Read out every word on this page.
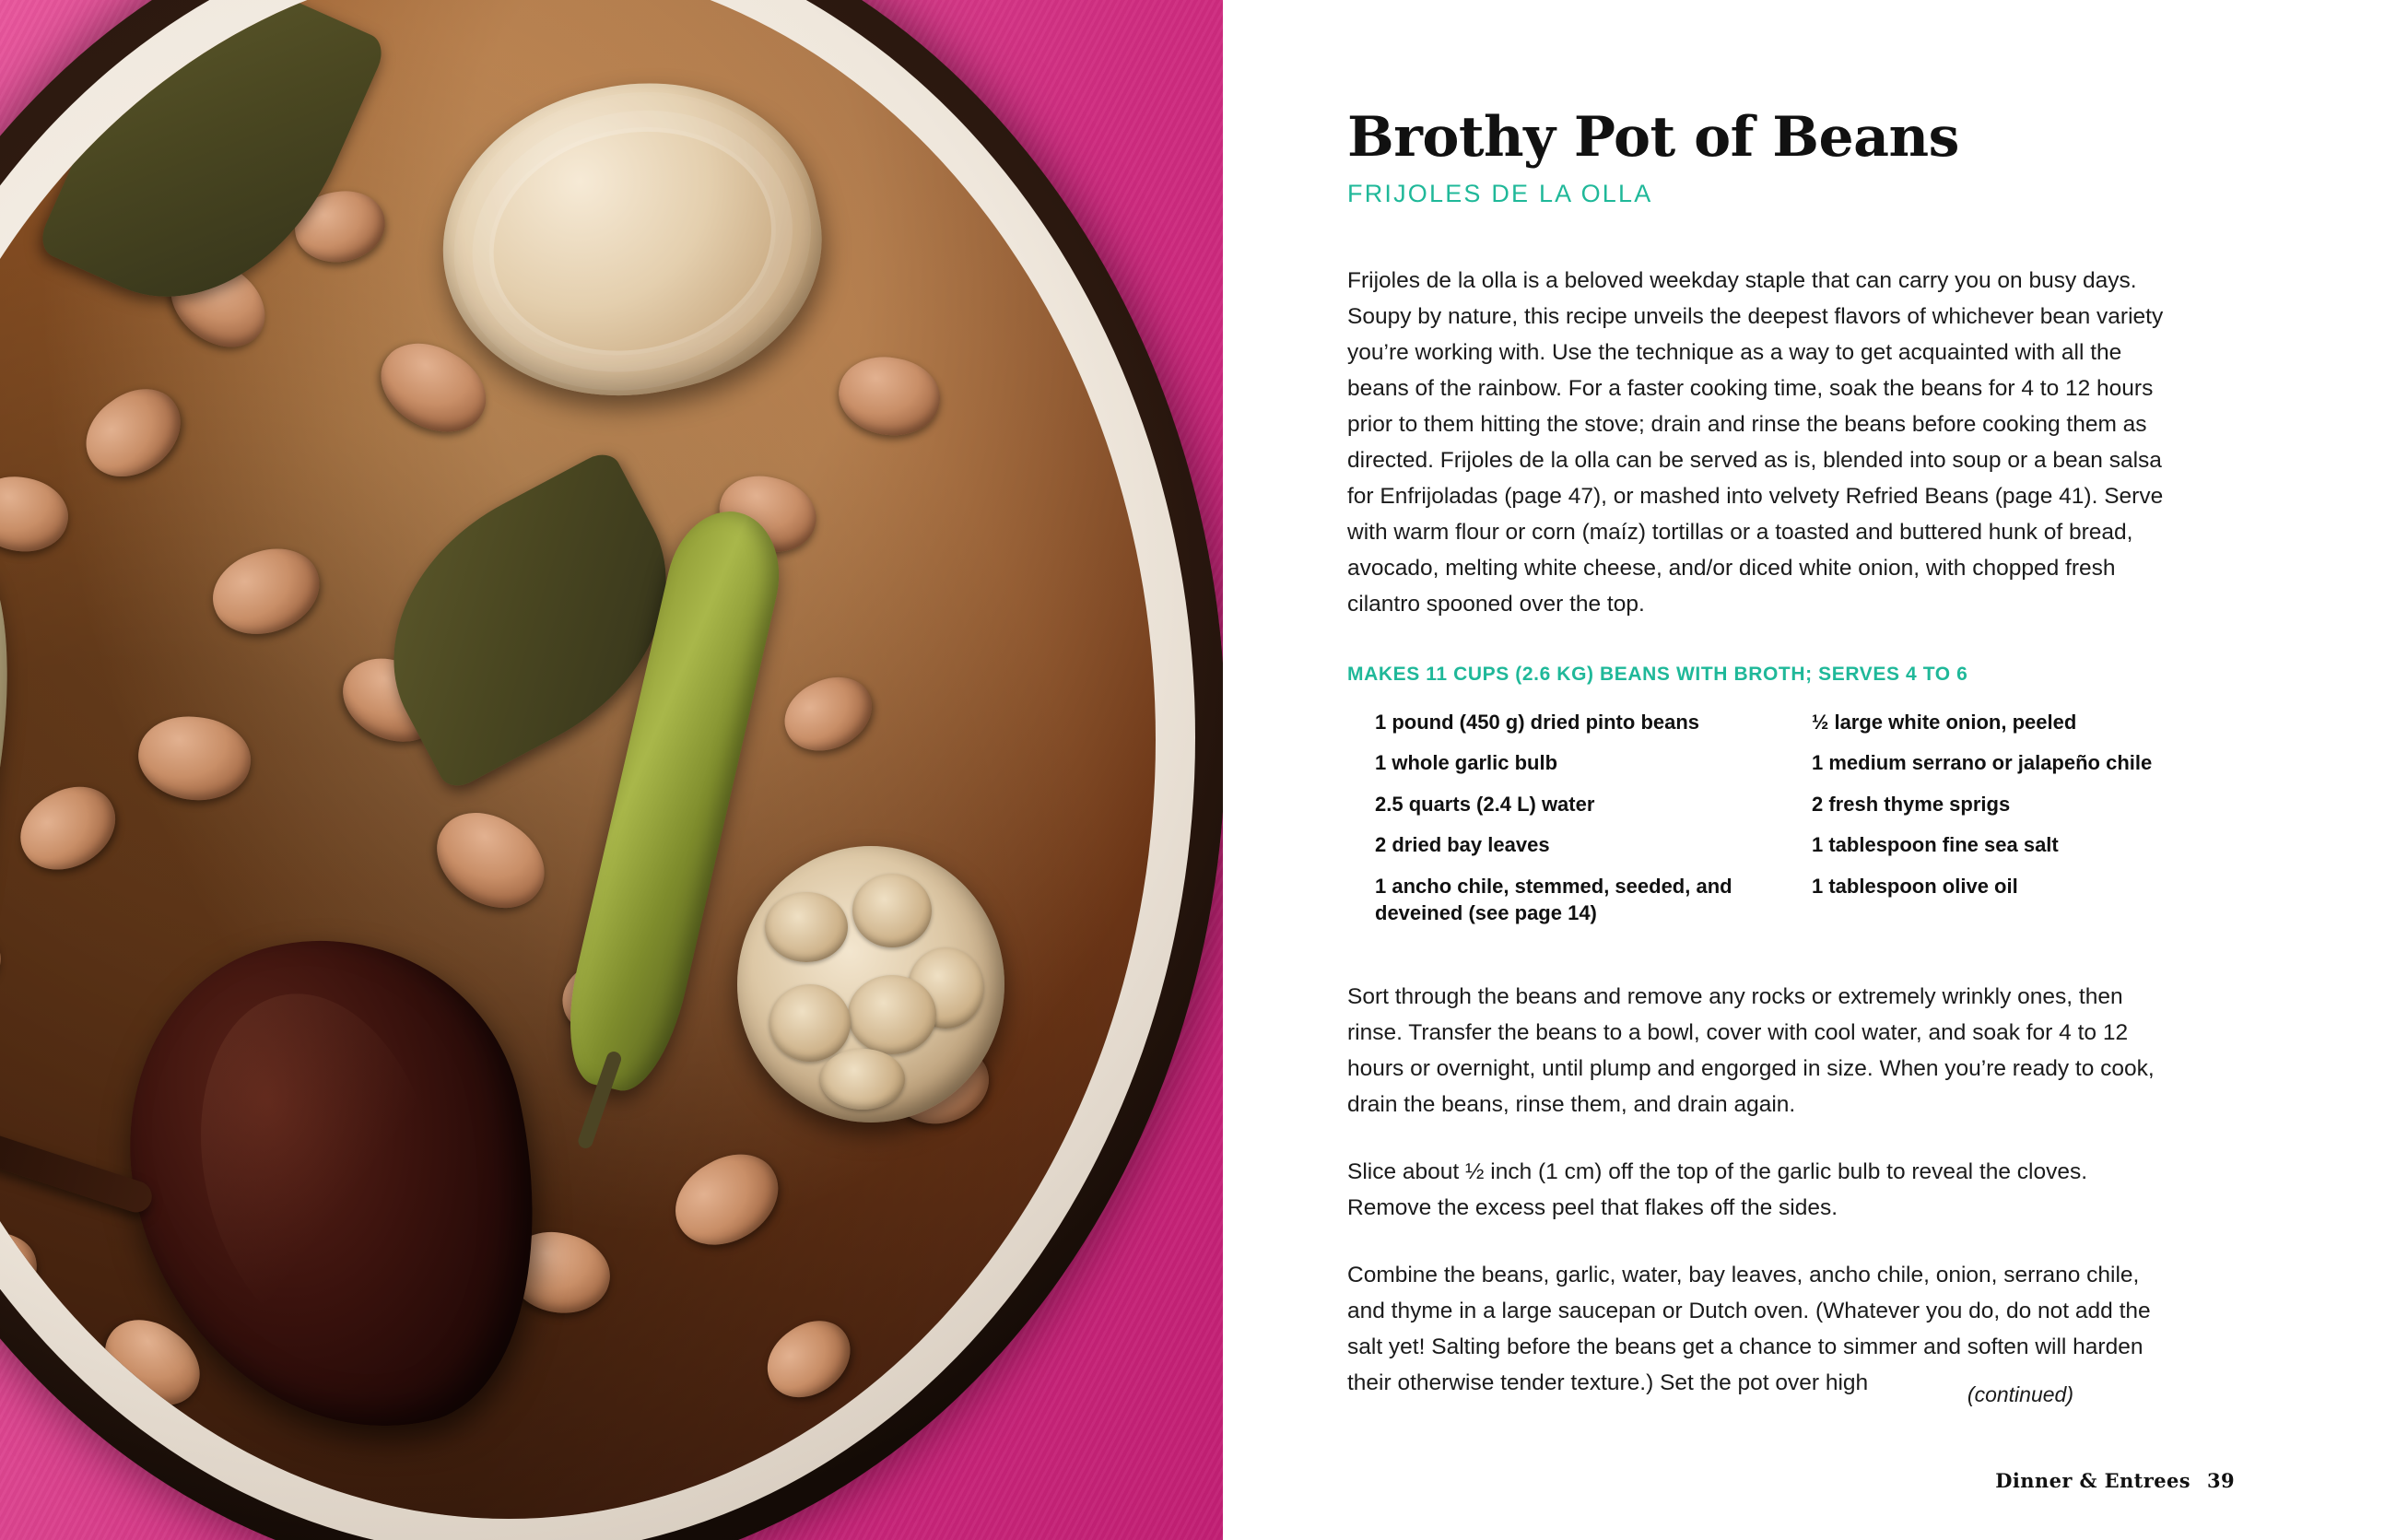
Brothy Pot of Beans
FRIJOLES DE LA OLLA

Frijoles de la olla is a beloved weekday staple that can carry you on busy days. Soupy by nature, this recipe unveils the deepest flavors of whichever bean variety you’re working with. Use the technique as a way to get acquainted with all the beans of the rainbow. For a faster cooking time, soak the beans for 4 to 12 hours prior to them hitting the stove; drain and rinse the beans before cooking them as directed. Frijoles de la olla can be served as is, blended into soup or a bean salsa for Enfrijoladas (page 47), or mashed into velvety Refried Beans (page 41). Serve with warm flour or corn (maíz) tortillas or a toasted and buttered hunk of bread, avocado, melting white cheese, and/or diced white onion, with chopped fresh cilantro spooned over the top.

MAKES 11 CUPS (2.6 KG) BEANS WITH BROTH; SERVES 4 TO 6
1 pound (450 g) dried pinto beans
1 whole garlic bulb
2.5 quarts (2.4 L) water
2 dried bay leaves
1 ancho chile, stemmed, seeded, and deveined (see page 14)
½ large white onion, peeled
1 medium serrano or jalapeño chile
2 fresh thyme sprigs
1 tablespoon fine sea salt
1 tablespoon olive oil

Sort through the beans and remove any rocks or extremely wrinkly ones, then rinse. Transfer the beans to a bowl, cover with cool water, and soak for 4 to 12 hours or overnight, until plump and engorged in size. When you’re ready to cook, drain the beans, rinse them, and drain again.

Slice about ½ inch (1 cm) off the top of the garlic bulb to reveal the cloves. Remove the excess peel that flakes off the sides.

Combine the beans, garlic, water, bay leaves, ancho chile, onion, serrano chile, and thyme in a large saucepan or Dutch oven. (Whatever you do, do not add the salt yet! Salting before the beans get a chance to simmer and soften will harden their otherwise tender texture.) Set the pot over high	(continued)
Dinner & Entrees 39
